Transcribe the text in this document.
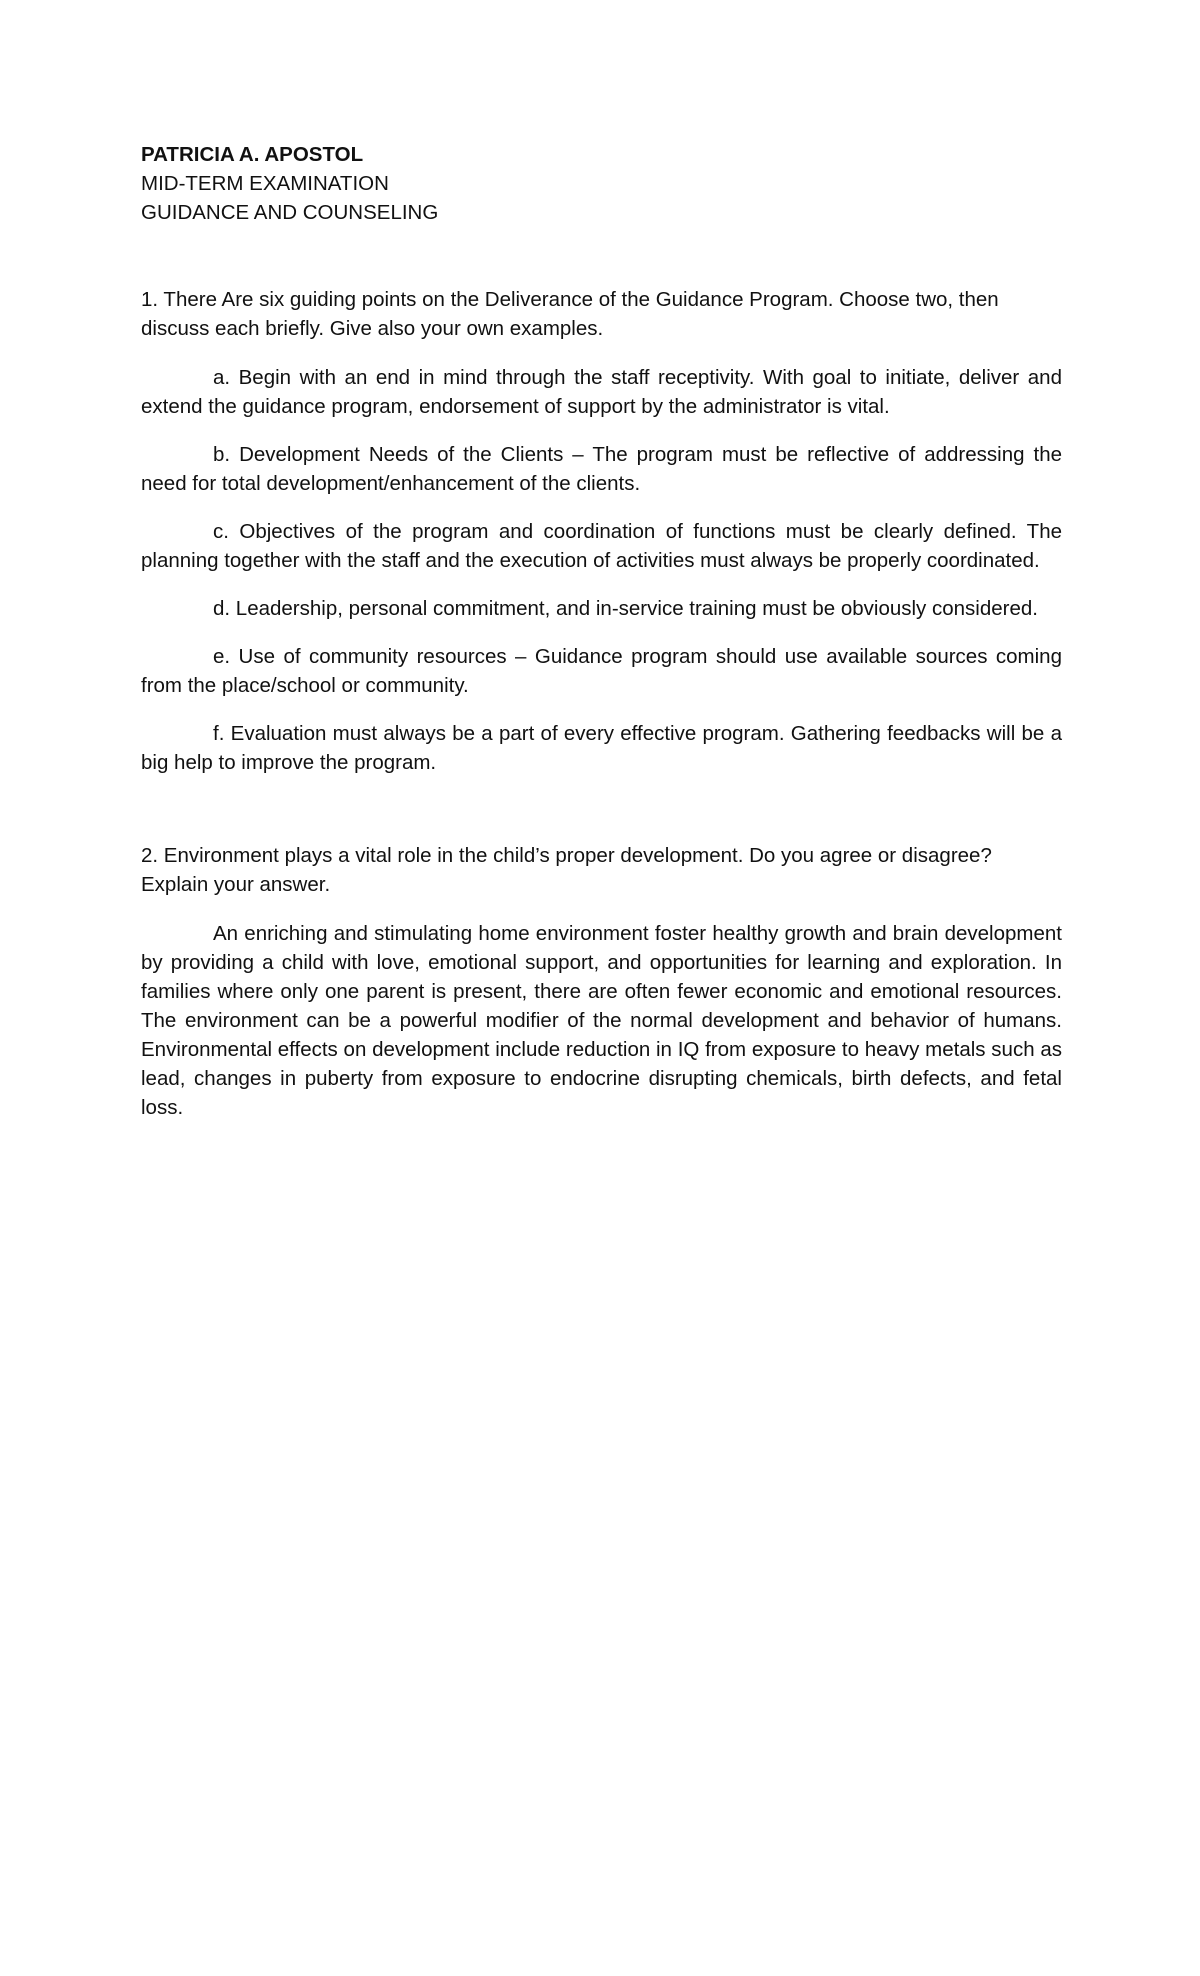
PATRICIA A. APOSTOL

MID-TERM EXAMINATION

GUIDANCE AND COUNSELING

1. There Are six guiding points on the Deliverance of the Guidance Program. Choose two, then discuss each briefly. Give also your own examples.

a. Begin with an end in mind through the staff receptivity. With goal to initiate, deliver and extend the guidance program, endorsement of support by the administrator is vital.

b. Development Needs of the Clients – The program must be reflective of addressing the need for total development/enhancement of the clients.

c. Objectives of the program and coordination of functions must be clearly defined. The planning together with the staff and the execution of activities must always be properly coordinated.

d. Leadership, personal commitment, and in-service training must be obviously considered.

e. Use of community resources – Guidance program should use available sources coming from the place/school or community.

f. Evaluation must always be a part of every effective program. Gathering feedbacks will be a big help to improve the program.

2. Environment plays a vital role in the child’s proper development. Do you agree or disagree? Explain your answer.

An enriching and stimulating home environment foster healthy growth and brain development by providing a child with love, emotional support, and opportunities for learning and exploration. In families where only one parent is present, there are often fewer economic and emotional resources. The environment can be a powerful modifier of the normal development and behavior of humans. Environmental effects on development include reduction in IQ from exposure to heavy metals such as lead, changes in puberty from exposure to endocrine disrupting chemicals, birth defects, and fetal loss.
